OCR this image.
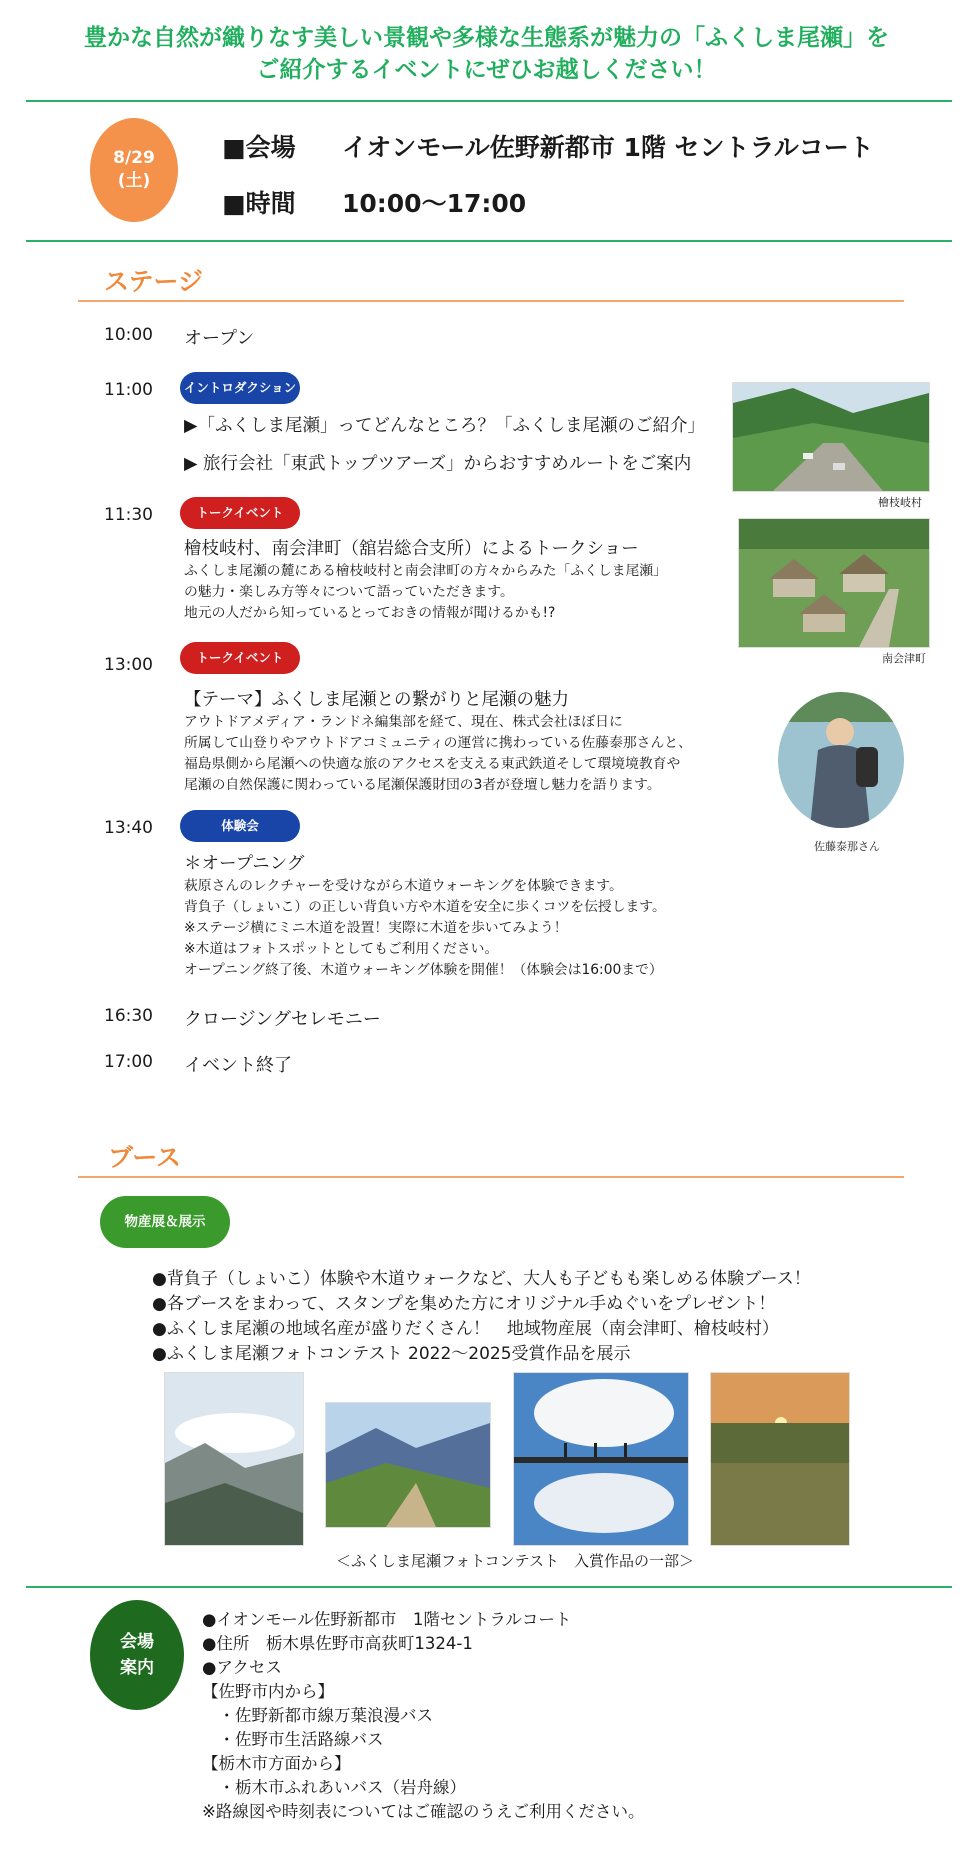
豊かな自然が織りなす美しい景観や多様な生態系が魅力の「ふくしま尾瀬」を
ご紹介するイベントにぜひお越しください！
8/29
(土)
■会場 イオンモール佐野新都市 1階 セントラルコート
■時間 10:00〜17:00
ステージ
10:00 オープン
11:00	イントロダクション
▶「ふくしま尾瀬」ってどんなところ？「ふくしま尾瀬のご紹介」
▶ 旅行会社「東武トップツアーズ」からおすすめルートをご案内
11:30	トークイベント
檜枝岐村、南会津町（舘岩総合支所）によるトークショー
ふくしま尾瀬の麓にある檜枝岐村と南会津町の方々からみた「ふくしま尾瀬」
の魅力・楽しみ方等々について語っていただきます。
地元の人だから知っているとっておきの情報が聞けるかも!?
13:00	トークイベント
【テーマ】ふくしま尾瀬との繋がりと尾瀬の魅力
アウトドアメディア・ランドネ編集部を経て、現在、株式会社ほぼ日に
所属して山登りやアウトドアコミュニティの運営に携わっている佐藤泰那さんと、
福島県側から尾瀬への快適な旅のアクセスを支える東武鉄道そして環境境教育や
尾瀬の自然保護に関わっている尾瀬保護財団の3者が登壇し魅力を語ります。
13:40	体験会
＊オープニング
萩原さんのレクチャーを受けながら木道ウォーキングを体験できます。
背負子（しょいこ）の正しい背負い方や木道を安全に歩くコツを伝授します。
※ステージ横にミニ木道を設置！実際に木道を歩いてみよう！
※木道はフォトスポットとしてもご利用ください。
オープニング終了後、木道ウォーキング体験を開催！（体験会は16:00まで）
16:30 クロージングセレモニー
17:00 イベント終了
檜枝岐村
南会津町
佐藤泰那さん
ブース
物産展＆展示
●背負子（しょいこ）体験や木道ウォークなど、大人も子どもも楽しめる体験ブース！
●各ブースをまわって、スタンプを集めた方にオリジナル手ぬぐいをプレゼント！
●ふくしま尾瀬の地域名産が盛りだくさん！　地域物産展（南会津町、檜枝岐村）
●ふくしま尾瀬フォトコンテスト 2022〜2025受賞作品を展示
＜ふくしま尾瀬フォトコンテスト　入賞作品の一部＞
会場
案内
●イオンモール佐野新都市　1階セントラルコート
●住所　栃木県佐野市高荻町1324-1
●アクセス
【佐野市内から】
　・佐野新都市線万葉浪漫バス
　・佐野市生活路線バス
【栃木市方面から】
　・栃木市ふれあいバス（岩舟線）
※路線図や時刻表についてはご確認のうえご利用ください。
